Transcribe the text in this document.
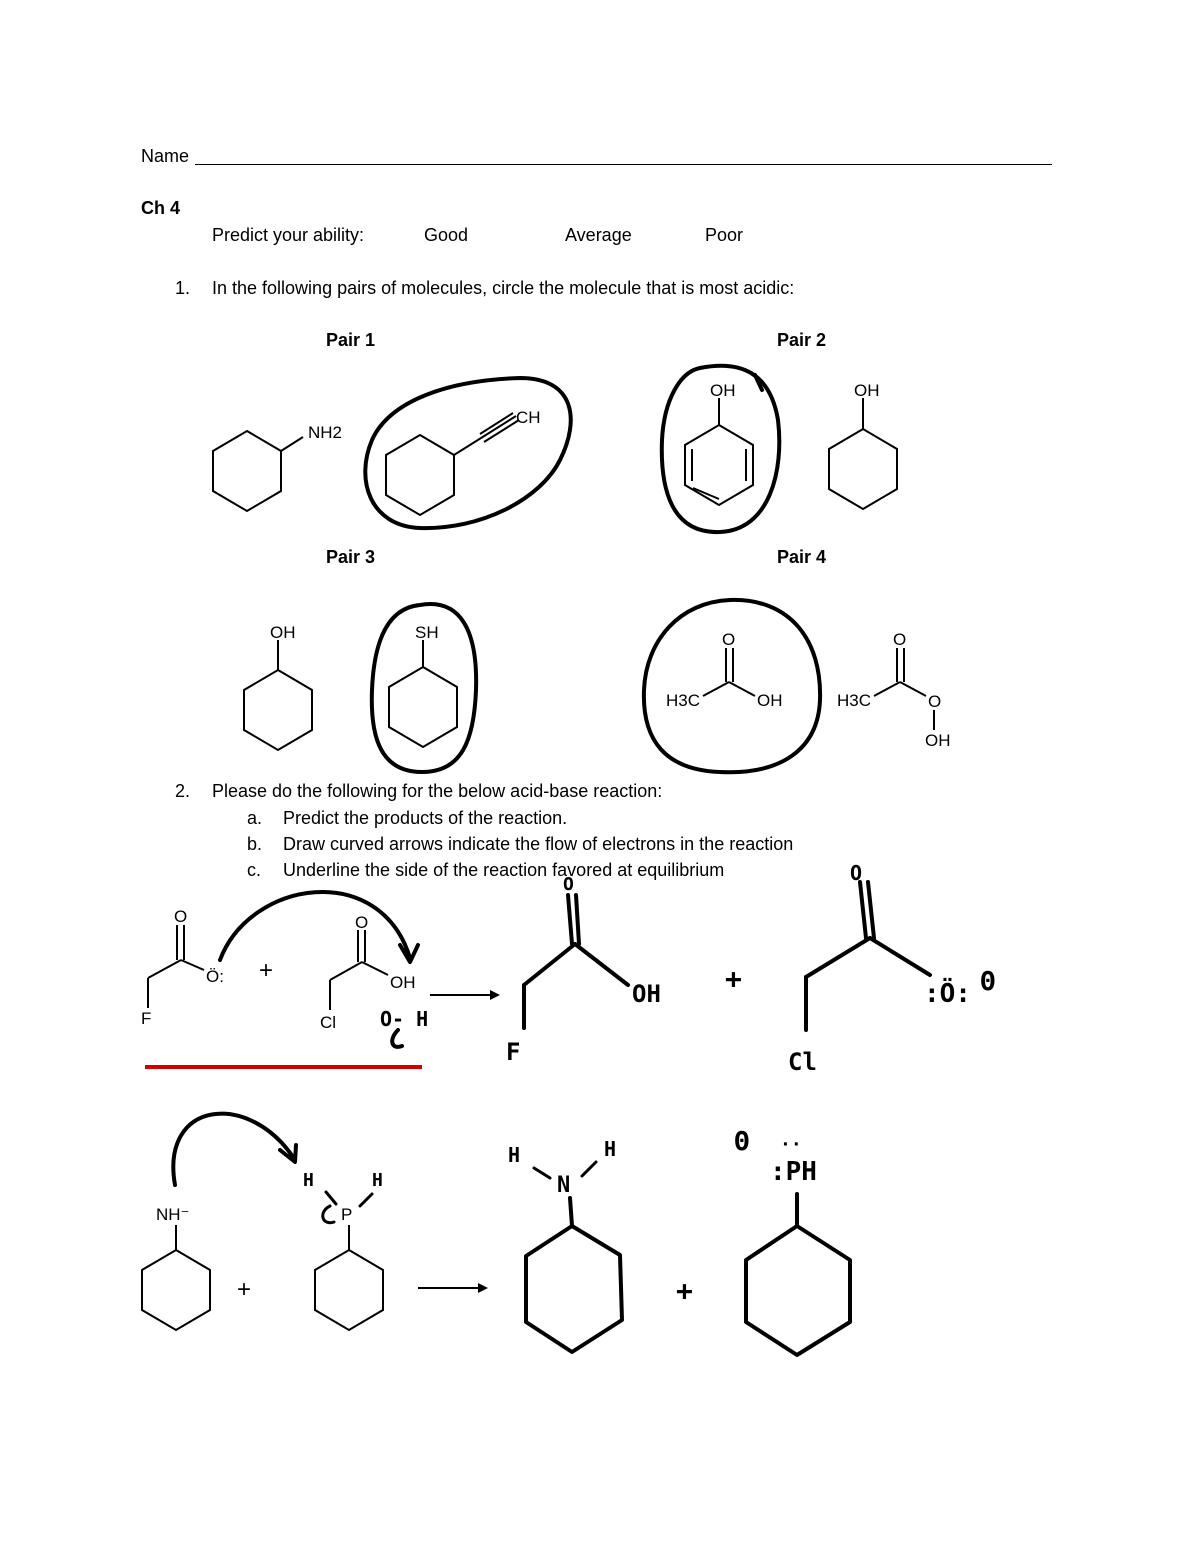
Name
Ch 4
Predict your ability:	Good	Average	Poor
1. In the following pairs of molecules, circle the molecule that is most acidic:
Pair 1	Pair 2
Pair 3	Pair 4
2. Please do the following for the below acid-base reaction:
a. Predict the products of the reaction.
b. Draw curved arrows indicate the flow of electrons in the reaction
c. Underline the side of the reaction favored at equilibrium
NH2
CH
OH	OH
OH	SH	O
H3C	OH
O
H3C	O
OH
O
Ö:
F
+
O
OH
Cl O- H
O
OH
F
+
O
:Ö: Θ
Cl
NH⁻
+
H	H
P
H	H
N
+
Θ ··
:PH
